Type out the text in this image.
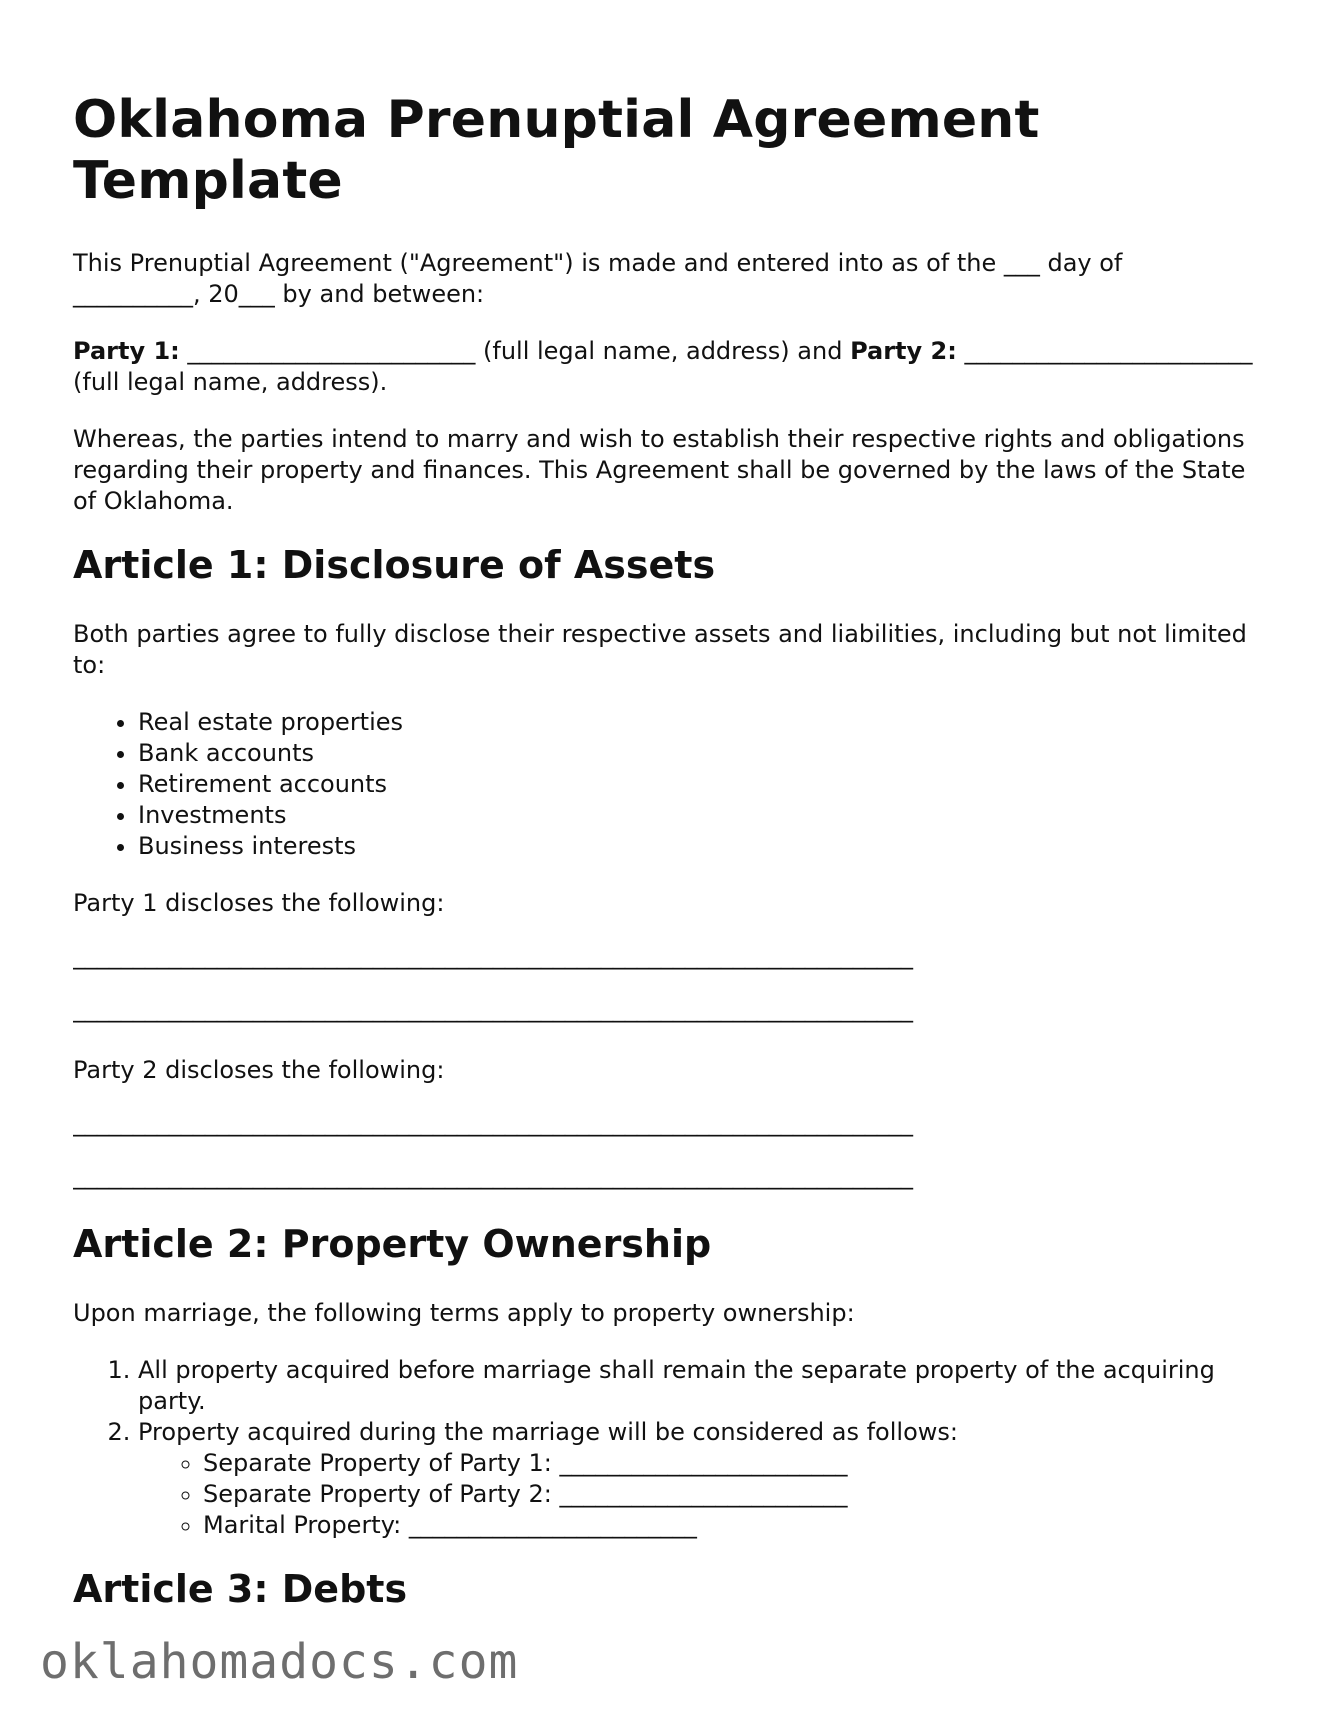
Oklahoma Prenuptial Agreement Template

This Prenuptial Agreement ("Agreement") is made and entered into as of the ___ day of __________, 20___ by and between:

Party 1: ________________________ (full legal name, address) and Party 2: ________________________ (full legal name, address).

Whereas, the parties intend to marry and wish to establish their respective rights and obligations regarding their property and finances. This Agreement shall be governed by the laws of the State of Oklahoma.

Article 1: Disclosure of Assets

Both parties agree to fully disclose their respective assets and liabilities, including but not limited to:

• Real estate properties
• Bank accounts
• Retirement accounts
• Investments
• Business interests

Party 1 discloses the following:

______________________________________________________________________
______________________________________________________________________

Party 2 discloses the following:

______________________________________________________________________
______________________________________________________________________
Article 2: Property Ownership

Upon marriage, the following terms apply to property ownership:

1. All property acquired before marriage shall remain the separate property of the acquiring party.
2. Property acquired during the marriage will be considered as follows:
◦ Separate Property of Party 1: ________________________
◦ Separate Property of Party 2: ________________________
◦ Marital Property: ________________________
Article 3: Debts
oklahomadocs.com
